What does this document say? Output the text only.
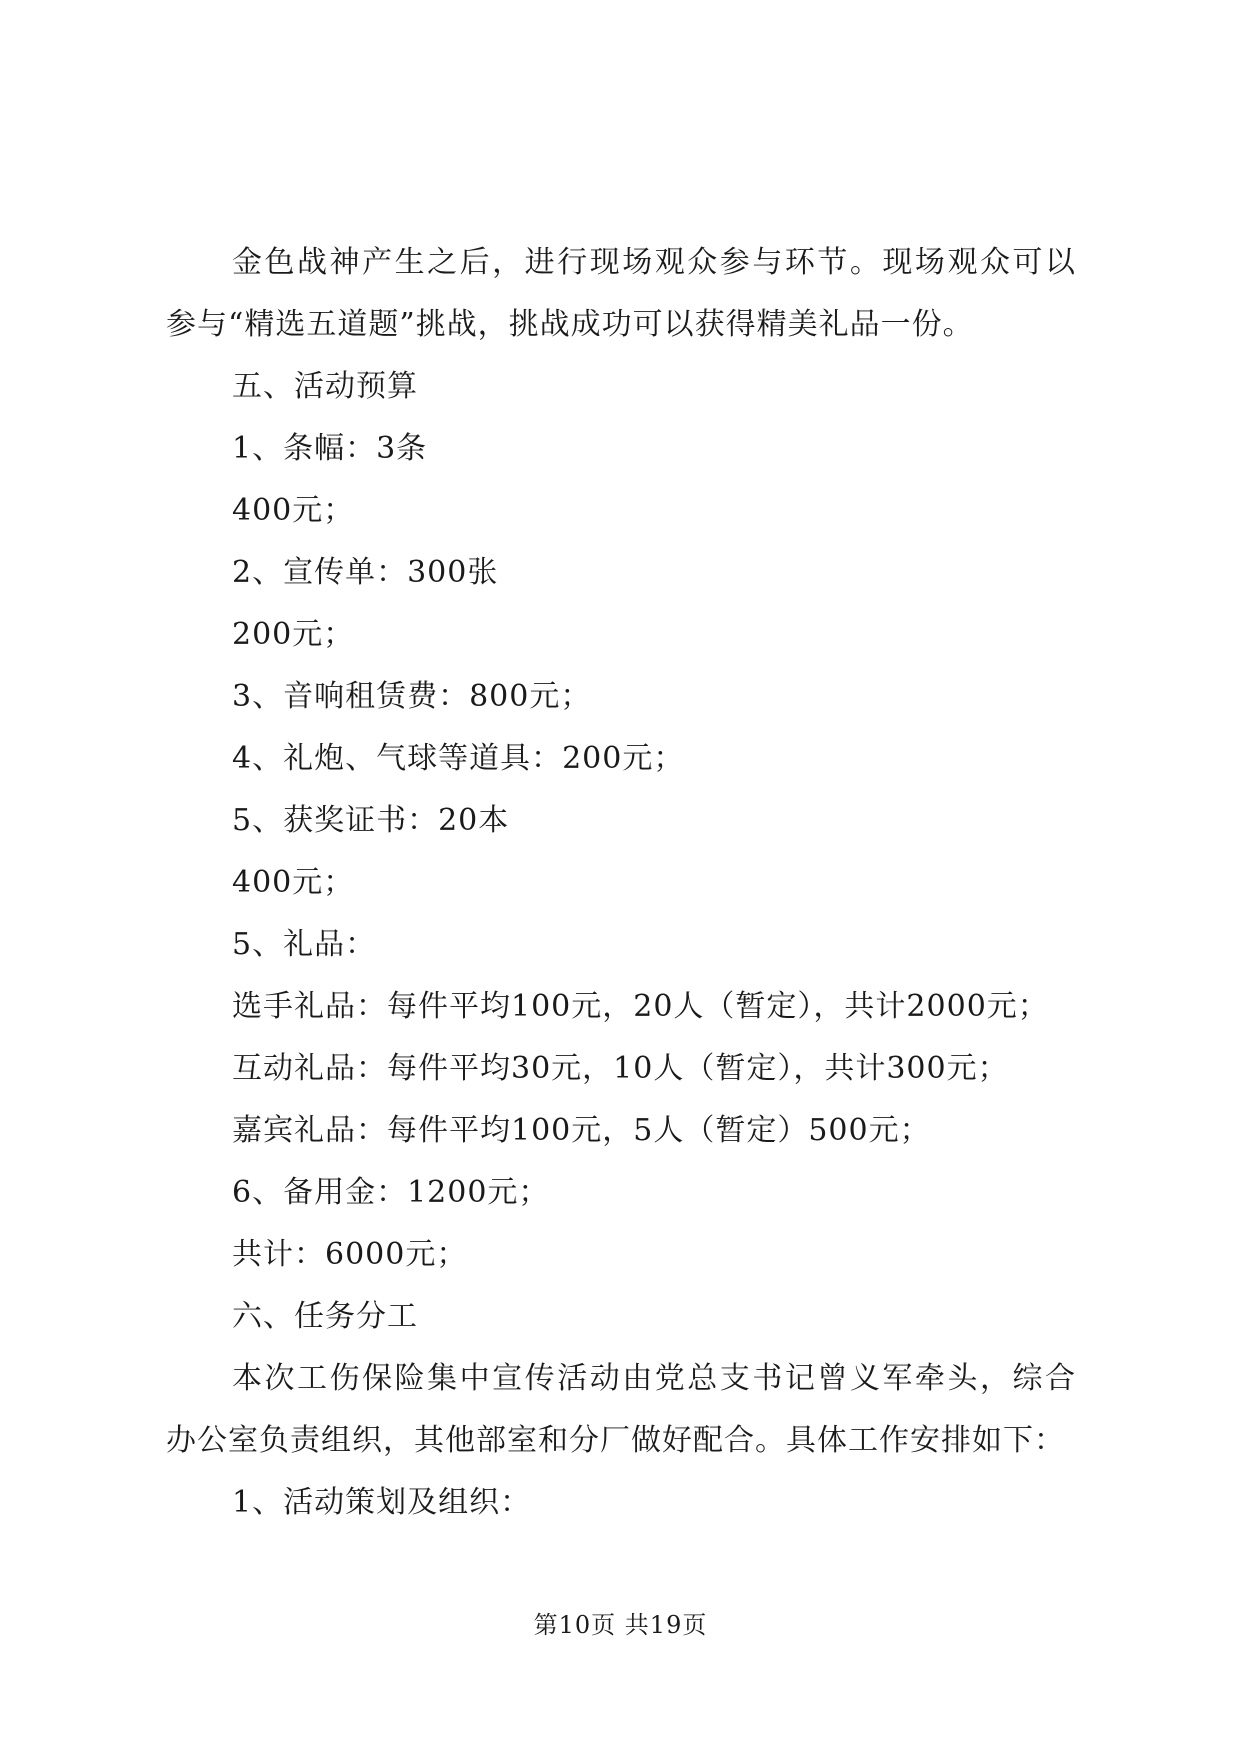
金色战神产生之后，进行现场观众参与环节。现场观众可以
参与“精选五道题”挑战，挑战成功可以获得精美礼品一份。
五、活动预算
1、条幅：3条
400元；
2、宣传单：300张
200元；
3、音响租赁费：800元；
4、礼炮、气球等道具：200元；
5、获奖证书：20本
400元；
5、礼品：
选手礼品：每件平均100元，20人（暂定），共计2000元；
互动礼品：每件平均30元，10人（暂定），共计300元；
嘉宾礼品：每件平均100元，5人（暂定）500元；
6、备用金：1200元；
共计：6000元；
六、任务分工
本次工伤保险集中宣传活动由党总支书记曾义军牵头，综合
办公室负责组织，其他部室和分厂做好配合。具体工作安排如下：
1、活动策划及组织：
第10页 共19页
